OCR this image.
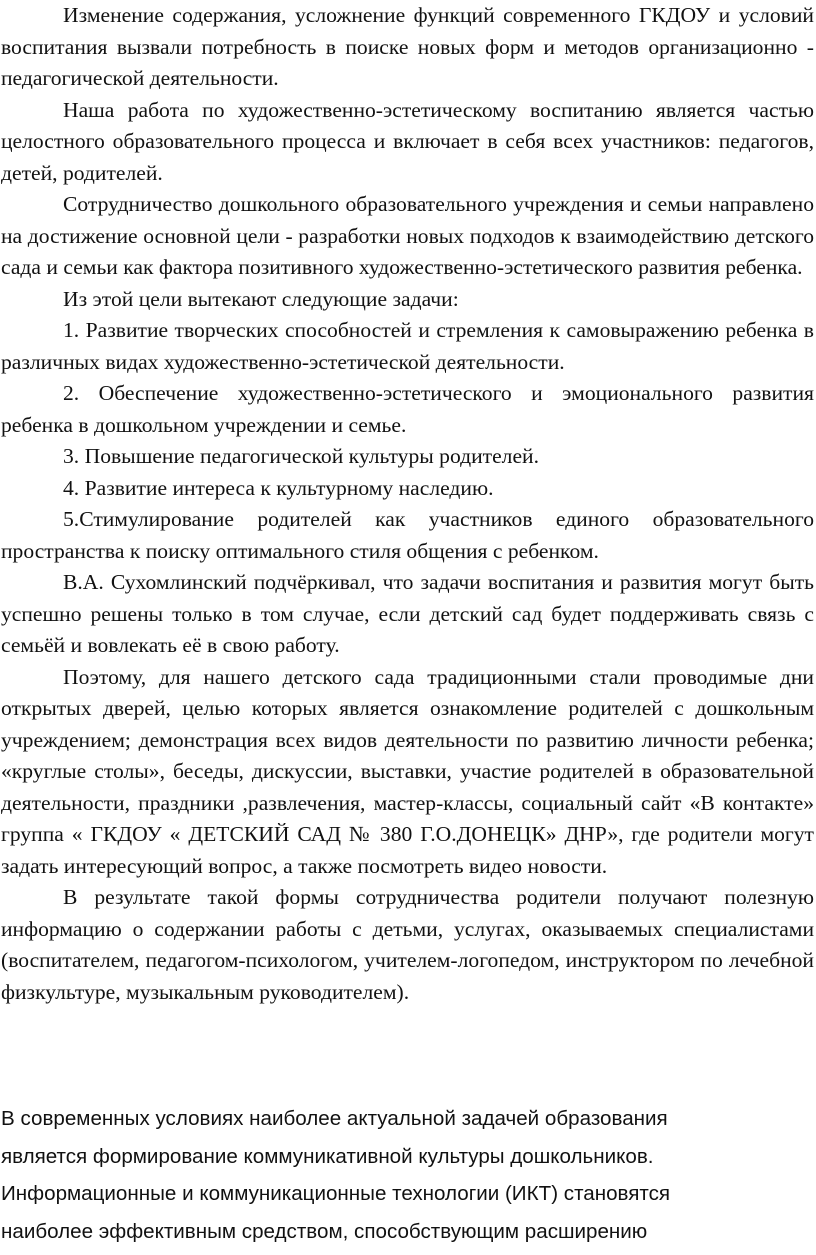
Изменение содержания, усложнение функций современного ГКДОУ и условий воспитания вызвали потребность в поиске новых форм и методов организационно - педагогической деятельности.

Наша работа по художественно-эстетическому воспитанию является частью целостного образовательного процесса и включает в себя всех участников: педагогов, детей, родителей.

Сотрудничество дошкольного образовательного учреждения и семьи направлено на достижение основной цели - разработки новых подходов к взаимодействию детского сада и семьи как фактора позитивного художественно-эстетического развития ребенка.

Из этой цели вытекают следующие задачи:

1. Развитие творческих способностей и стремления к самовыражению ребенка в различных видах художественно-эстетической деятельности.

2. Обеспечение художественно-эстетического и эмоционального развития ребенка в дошкольном учреждении и семье.

3. Повышение педагогической культуры родителей.

4. Развитие интереса к культурному наследию.

5.Стимулирование родителей как участников единого образовательного пространства к поиску оптимального стиля общения с ребенком.

В.А. Сухомлинский подчёркивал, что задачи воспитания и развития могут быть успешно решены только в том случае, если детский сад будет поддерживать связь с семьёй и вовлекать её в свою работу.

Поэтому, для нашего детского сада традиционными стали проводимые дни открытых дверей, целью которых является ознакомление родителей с дошкольным учреждением; демонстрация всех видов деятельности по развитию личности ребенка; «круглые столы», беседы, дискуссии, выставки, участие родителей в образовательной деятельности, праздники ,развлечения, мастер-классы, социальный сайт «В контакте» группа « ГКДОУ « ДЕТСКИЙ САД № 380 Г.О.ДОНЕЦК» ДНР», где родители могут задать интересующий вопрос, а также посмотреть видео новости.

В результате такой формы сотрудничества родители получают полезную информацию о содержании работы с детьми, услугах, оказываемых специалистами (воспитателем, педагогом-психологом, учителем-логопедом, инструктором по лечебной физкультуре, музыкальным руководителем).

В современных условиях наиболее актуальной задачей образования
является формирование коммуникативной культуры дошкольников.
Информационные и коммуникационные технологии (ИКТ) становятся
наиболее эффективным средством, способствующим расширению
